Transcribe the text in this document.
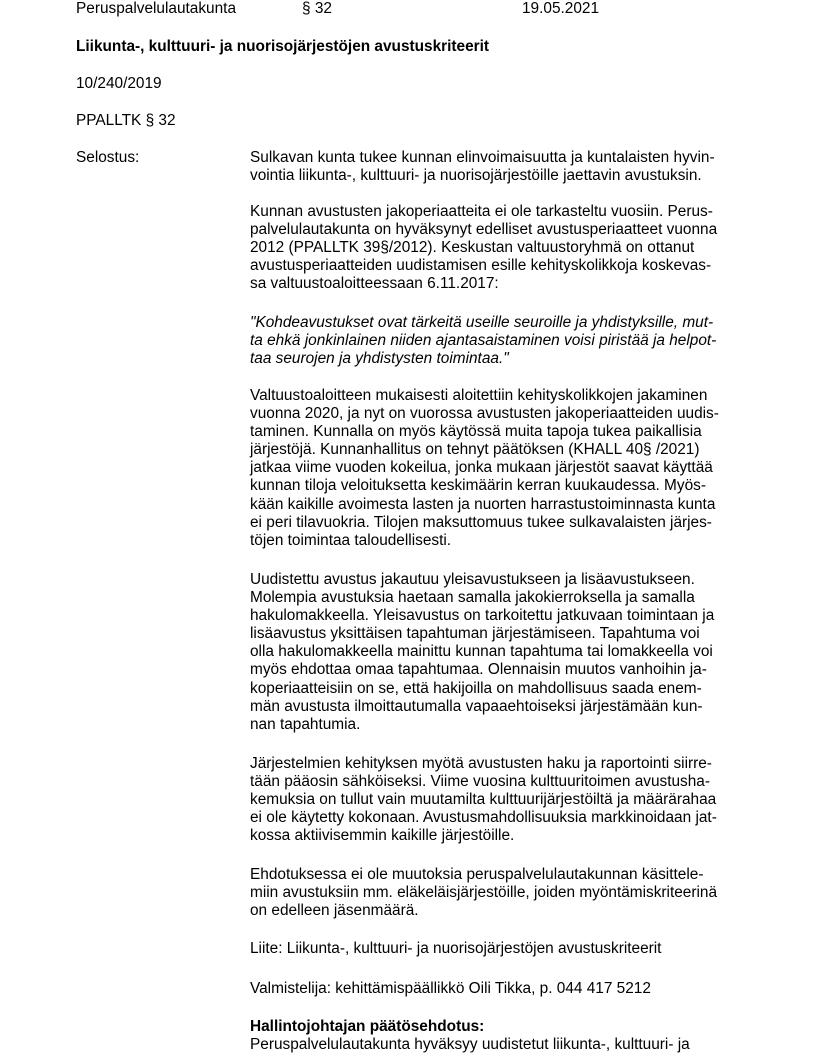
Peruspalvelulautakunta	§ 32	19.05.2021
Liikunta-, kulttuuri- ja nuorisojärjestöjen avustuskriteerit
10/240/2019
PPALLTK § 32
Selostus:	Sulkavan kunta tukee kunnan elinvoimaisuutta ja kuntalaisten hyvin-
vointia liikunta-, kulttuuri- ja nuorisojärjestöille jaettavin avustuksin.
Kunnan avustusten jakoperiaatteita ei ole tarkasteltu vuosiin. Perus-
palvelulautakunta on hyväksynyt edelliset avustusperiaatteet vuonna
2012 (PPALLTK 39§/2012). Keskustan valtuustoryhmä on ottanut
avustusperiaatteiden uudistamisen esille kehityskolikkoja koskevas-
sa valtuustoaloitteessaan 6.11.2017:
"Kohdeavustukset ovat tärkeitä useille seuroille ja yhdistyksille, mut-
ta ehkä jonkinlainen niiden ajantasaistaminen voisi piristää ja helpot-
taa seurojen ja yhdistysten toimintaa."
Valtuustoaloitteen mukaisesti aloitettiin kehityskolikkojen jakaminen
vuonna 2020, ja nyt on vuorossa avustusten jakoperiaatteiden uudis-
taminen. Kunnalla on myös käytössä muita tapoja tukea paikallisia
järjestöjä. Kunnanhallitus on tehnyt päätöksen (KHALL 40§ /2021)
jatkaa viime vuoden kokeilua, jonka mukaan järjestöt saavat käyttää
kunnan tiloja veloituksetta keskimäärin kerran kuukaudessa. Myös-
kään kaikille avoimesta lasten ja nuorten harrastustoiminnasta kunta
ei peri tilavuokria. Tilojen maksuttomuus tukee sulkavalaisten järjes-
töjen toimintaa taloudellisesti.
Uudistettu avustus jakautuu yleisavustukseen ja lisäavustukseen.
Molempia avustuksia haetaan samalla jakokierroksella ja samalla
hakulomakkeella. Yleisavustus on tarkoitettu jatkuvaan toimintaan ja
lisäavustus yksittäisen tapahtuman järjestämiseen. Tapahtuma voi
olla hakulomakkeella mainittu kunnan tapahtuma tai lomakkeella voi
myös ehdottaa omaa tapahtumaa. Olennaisin muutos vanhoihin ja-
koperiaatteisiin on se, että hakijoilla on mahdollisuus saada enem-
män avustusta ilmoittautumalla vapaaehtoiseksi järjestämään kun-
nan tapahtumia.
Järjestelmien kehityksen myötä avustusten haku ja raportointi siirre-
tään pääosin sähköiseksi. Viime vuosina kulttuuritoimen avustusha-
kemuksia on tullut vain muutamilta kulttuurijärjestöiltä ja määrärahaa
ei ole käytetty kokonaan. Avustusmahdollisuuksia markkinoidaan jat-
kossa aktiivisemmin kaikille järjestöille.
Ehdotuksessa ei ole muutoksia peruspalvelulautakunnan käsittele-
miin avustuksiin mm. eläkeläisjärjestöille, joiden myöntämiskriteerinä
on edelleen jäsenmäärä.
Liite: Liikunta-, kulttuuri- ja nuorisojärjestöjen avustuskriteerit
Valmistelija: kehittämispäällikkö Oili Tikka, p. 044 417 5212
Hallintojohtajan päätösehdotus:
Peruspalvelulautakunta hyväksyy uudistetut liikunta-, kulttuuri- ja
